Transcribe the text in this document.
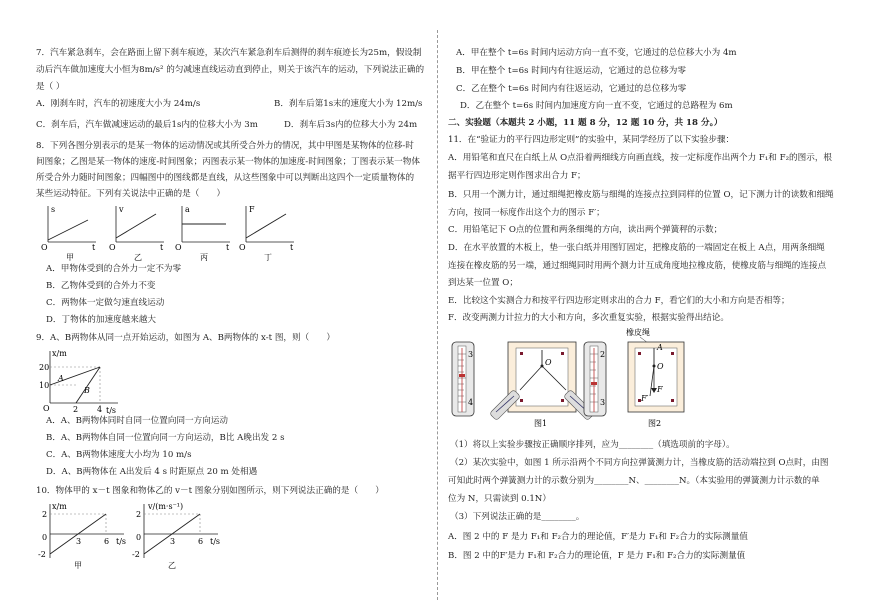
7．汽车紧急刹车，会在路面上留下刹车痕迹，某次汽车紧急刹车后测得的刹车痕迹长为25m，假设制
动后汽车做加速度大小恒为8m/s² 的匀减速直线运动直到停止，则关于该汽车的运动，下列说法正确的
是（ ）
A．刚刹车时，汽车的初速度大小为 24m/s	B．刹车后第1s末的速度大小为 12m/s
C．刹车后，汽车做减速运动的最后1s内的位移大小为 3m	D．刹车后3s内的位移大小为 24m
8．下列各图分别表示的是某一物体的运动情况或其所受合外力的情况，其中甲图是某物体的位移-时
间图象；乙图是某一物体的速度-时间图象；丙图表示某一物体的加速度-时间图象；丁图表示某一物体
所受合外力随时间图象；四幅图中的图线都是直线，从这些图象中可以判断出这四个一定质量物体的
某些运动特征。下列有关说法中正确的是（　　）
s
t
O
甲
v
t
O
乙
a
t
O
丙
F
t
O
丁
A．甲物体受到的合外力一定不为零
B．乙物体受到的合外力不变
C．两物体一定做匀速直线运动
D．丁物体的加速度越来越大
9．A、B两物体从同一点开始运动，如图为 A、B两物体的 x-t 图，则（　　）
x/m
t/s
20
10
2 4
O
A
B
A．A、B两物体同时自同一位置向同一方向运动
B．A、B两物体自同一位置向同一方向运动，B比 A晚出发 2 s
C．A、B两物体速度大小均为 10 m/s
D．A、B两物体在 A出发后 4 s 时距原点 20 m 处相遇
10．物体甲的 x－t 图象和物体乙的 v－t 图象分别如图所示，则下列说法正确的是（　　）
x/m
t/s
2
-2
3	6
0
甲
v/(m·s⁻¹)
t/s
2
-2
3	6
0
乙
A．甲在整个 t=6s 时间内运动方向一直不变，它通过的总位移大小为 4m
B．甲在整个 t=6s 时间内有往返运动，它通过的总位移为零
C．乙在整个 t=6s 时间内有往返运动，它通过的总位移为零
D．乙在整个 t=6s 时间内加速度方向一直不变，它通过的总路程为 6m
二、实验题（本题共 2 小题，11 题 8 分，12 题 10 分，共 18 分。）
11．在“验证力的平行四边形定则”的实验中，某同学经历了以下实验步骤：
A．用铅笔和直尺在白纸上从 O点沿着两细线方向画直线，按一定标度作出两个力 F₁和 F₂的图示，根
据平行四边形定则作图求出合力 F；
B．只用一个测力计，通过细绳把橡皮筋与细绳的连接点拉到同样的位置 O，记下测力计的读数和细绳
方向，按同一标度作出这个力的图示 F′；
C．用铅笔记下 O点的位置和两条细绳的方向，读出两个弹簧秤的示数；
D．在水平放置的木板上，垫一张白纸并用图钉固定，把橡皮筋的一端固定在板上 A点，用两条细绳
连接在橡皮筋的另一端，通过细绳同时用两个测力计互成角度地拉橡皮筋，使橡皮筋与细绳的连接点
到达某一位置 O；
E．比较这个实测合力和按平行四边形定则求出的合力 F，看它们的大小和方向是否相等；
F．改变两测力计拉力的大小和方向，多次重复实验，根据实验得出结论。
3
4
O
2
3
图1
橡皮绳
A
O
F
F′
图2
（1）将以上实验步骤按正确顺序排列，应为________（填选项前的字母）。
（2）某次实验中，如图 1 所示沿两个不同方向拉弹簧测力计，当橡皮筋的活动端拉到 O点时，由图
可知此时两个弹簧测力计的示数分别为________N、________N。（本实验用的弹簧测力计示数的单
位为 N，只需读到 0.1N）
（3）下列说法正确的是________。
A．图 2 中的 F 是力 F₁和 F₂合力的理论值，F′是力 F₁和 F₂合力的实际测量值
B．图 2 中的F′是力 F₁和 F₂合力的理论值，F 是力 F₁和 F₂合力的实际测量值
